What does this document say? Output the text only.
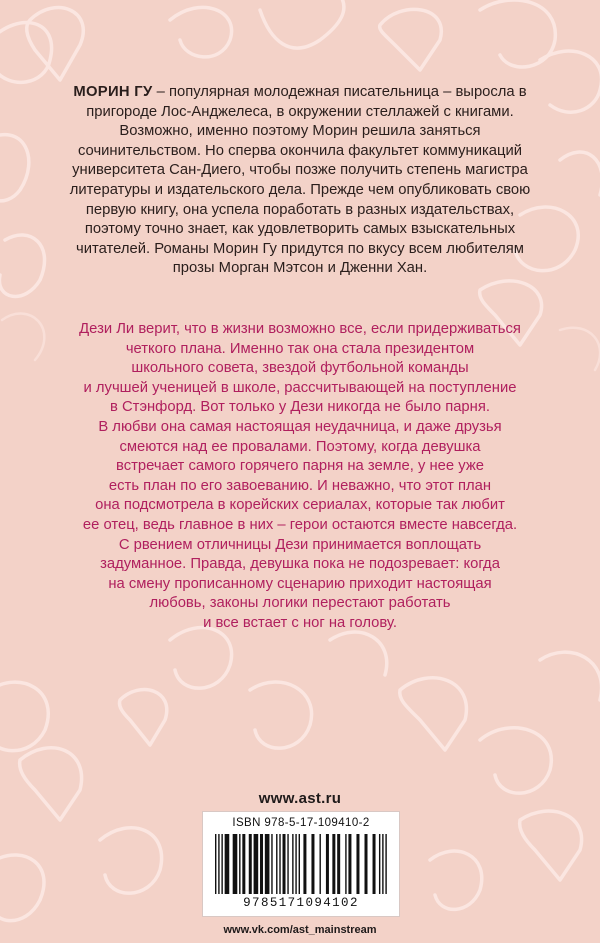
МОРИН ГУ – популярная молодежная писательница – выросла в пригороде Лос-Анджелеса, в окружении стеллажей с книгами. Возможно, именно поэтому Морин решила заняться сочинительством. Но сперва окончила факультет коммуникаций университета Сан-Диего, чтобы позже получить степень магистра литературы и издательского дела. Прежде чем опубликовать свою первую книгу, она успела поработать в разных издательствах, поэтому точно знает, как удовлетворить самых взыскательных читателей. Романы Морин Гу придутся по вкусу всем любителям прозы Морган Мэтсон и Дженни Хан.

Дези Ли верит, что в жизни возможно все, если придерживаться

четкого плана. Именно так она стала президентом

школьного совета, звездой футбольной команды

и лучшей ученицей в школе, рассчитывающей на поступление

в Стэнфорд. Вот только у Дези никогда не было парня.

В любви она самая настоящая неудачница, и даже друзья

смеются над ее провалами. Поэтому, когда девушка

встречает самого горячего парня на земле, у нее уже

есть план по его завоеванию. И неважно, что этот план

она подсмотрела в корейских сериалах, которые так любит

ее отец, ведь главное в них – герои остаются вместе навсегда.

С рвением отличницы Дези принимается воплощать

задуманное. Правда, девушка пока не подозревает: когда

на смену прописанному сценарию приходит настоящая

любовь, законы логики перестают работать

и все встает с ног на голову.

www.ast.ru
ISBN 978-5-17-109410-2
9785171094102
www.vk.com/ast_mainstream
